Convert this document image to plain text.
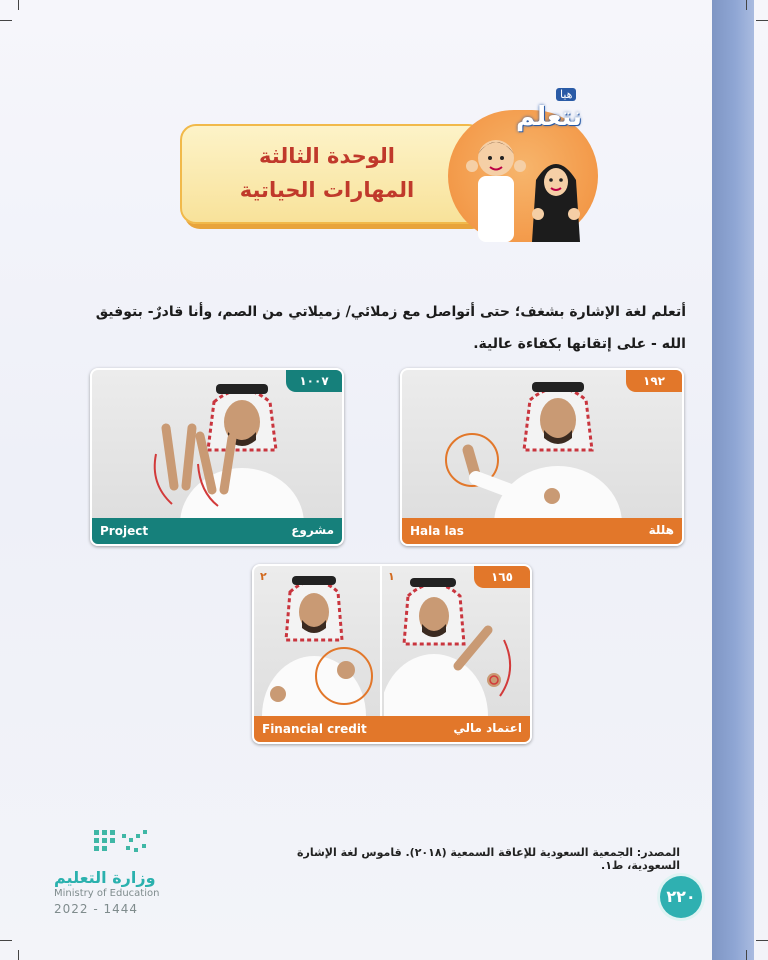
الوحدة الثالثة
المهارات الحياتية
هيا
نتعلم
أتعلم لغة الإشارة بشغف؛ حتى أتواصل مع زملائي/ زميلاتي من الصم، وأنا قادرٌ- بتوفيق الله - على إتقانها بكفاءة عالية.
١٠٠٧
Project	مشروع
١٩٢
Hala las	هللة
١٦٥
٢	١
Financial credit	اعتماد مالي
المصدر: الجمعية السعودية للإعاقة السمعية (٢٠١٨). قاموس لغة الإشارة السعودية، ط١.
٢٢٠
وزارة التعليم
Ministry of Education
2022 - 1444
